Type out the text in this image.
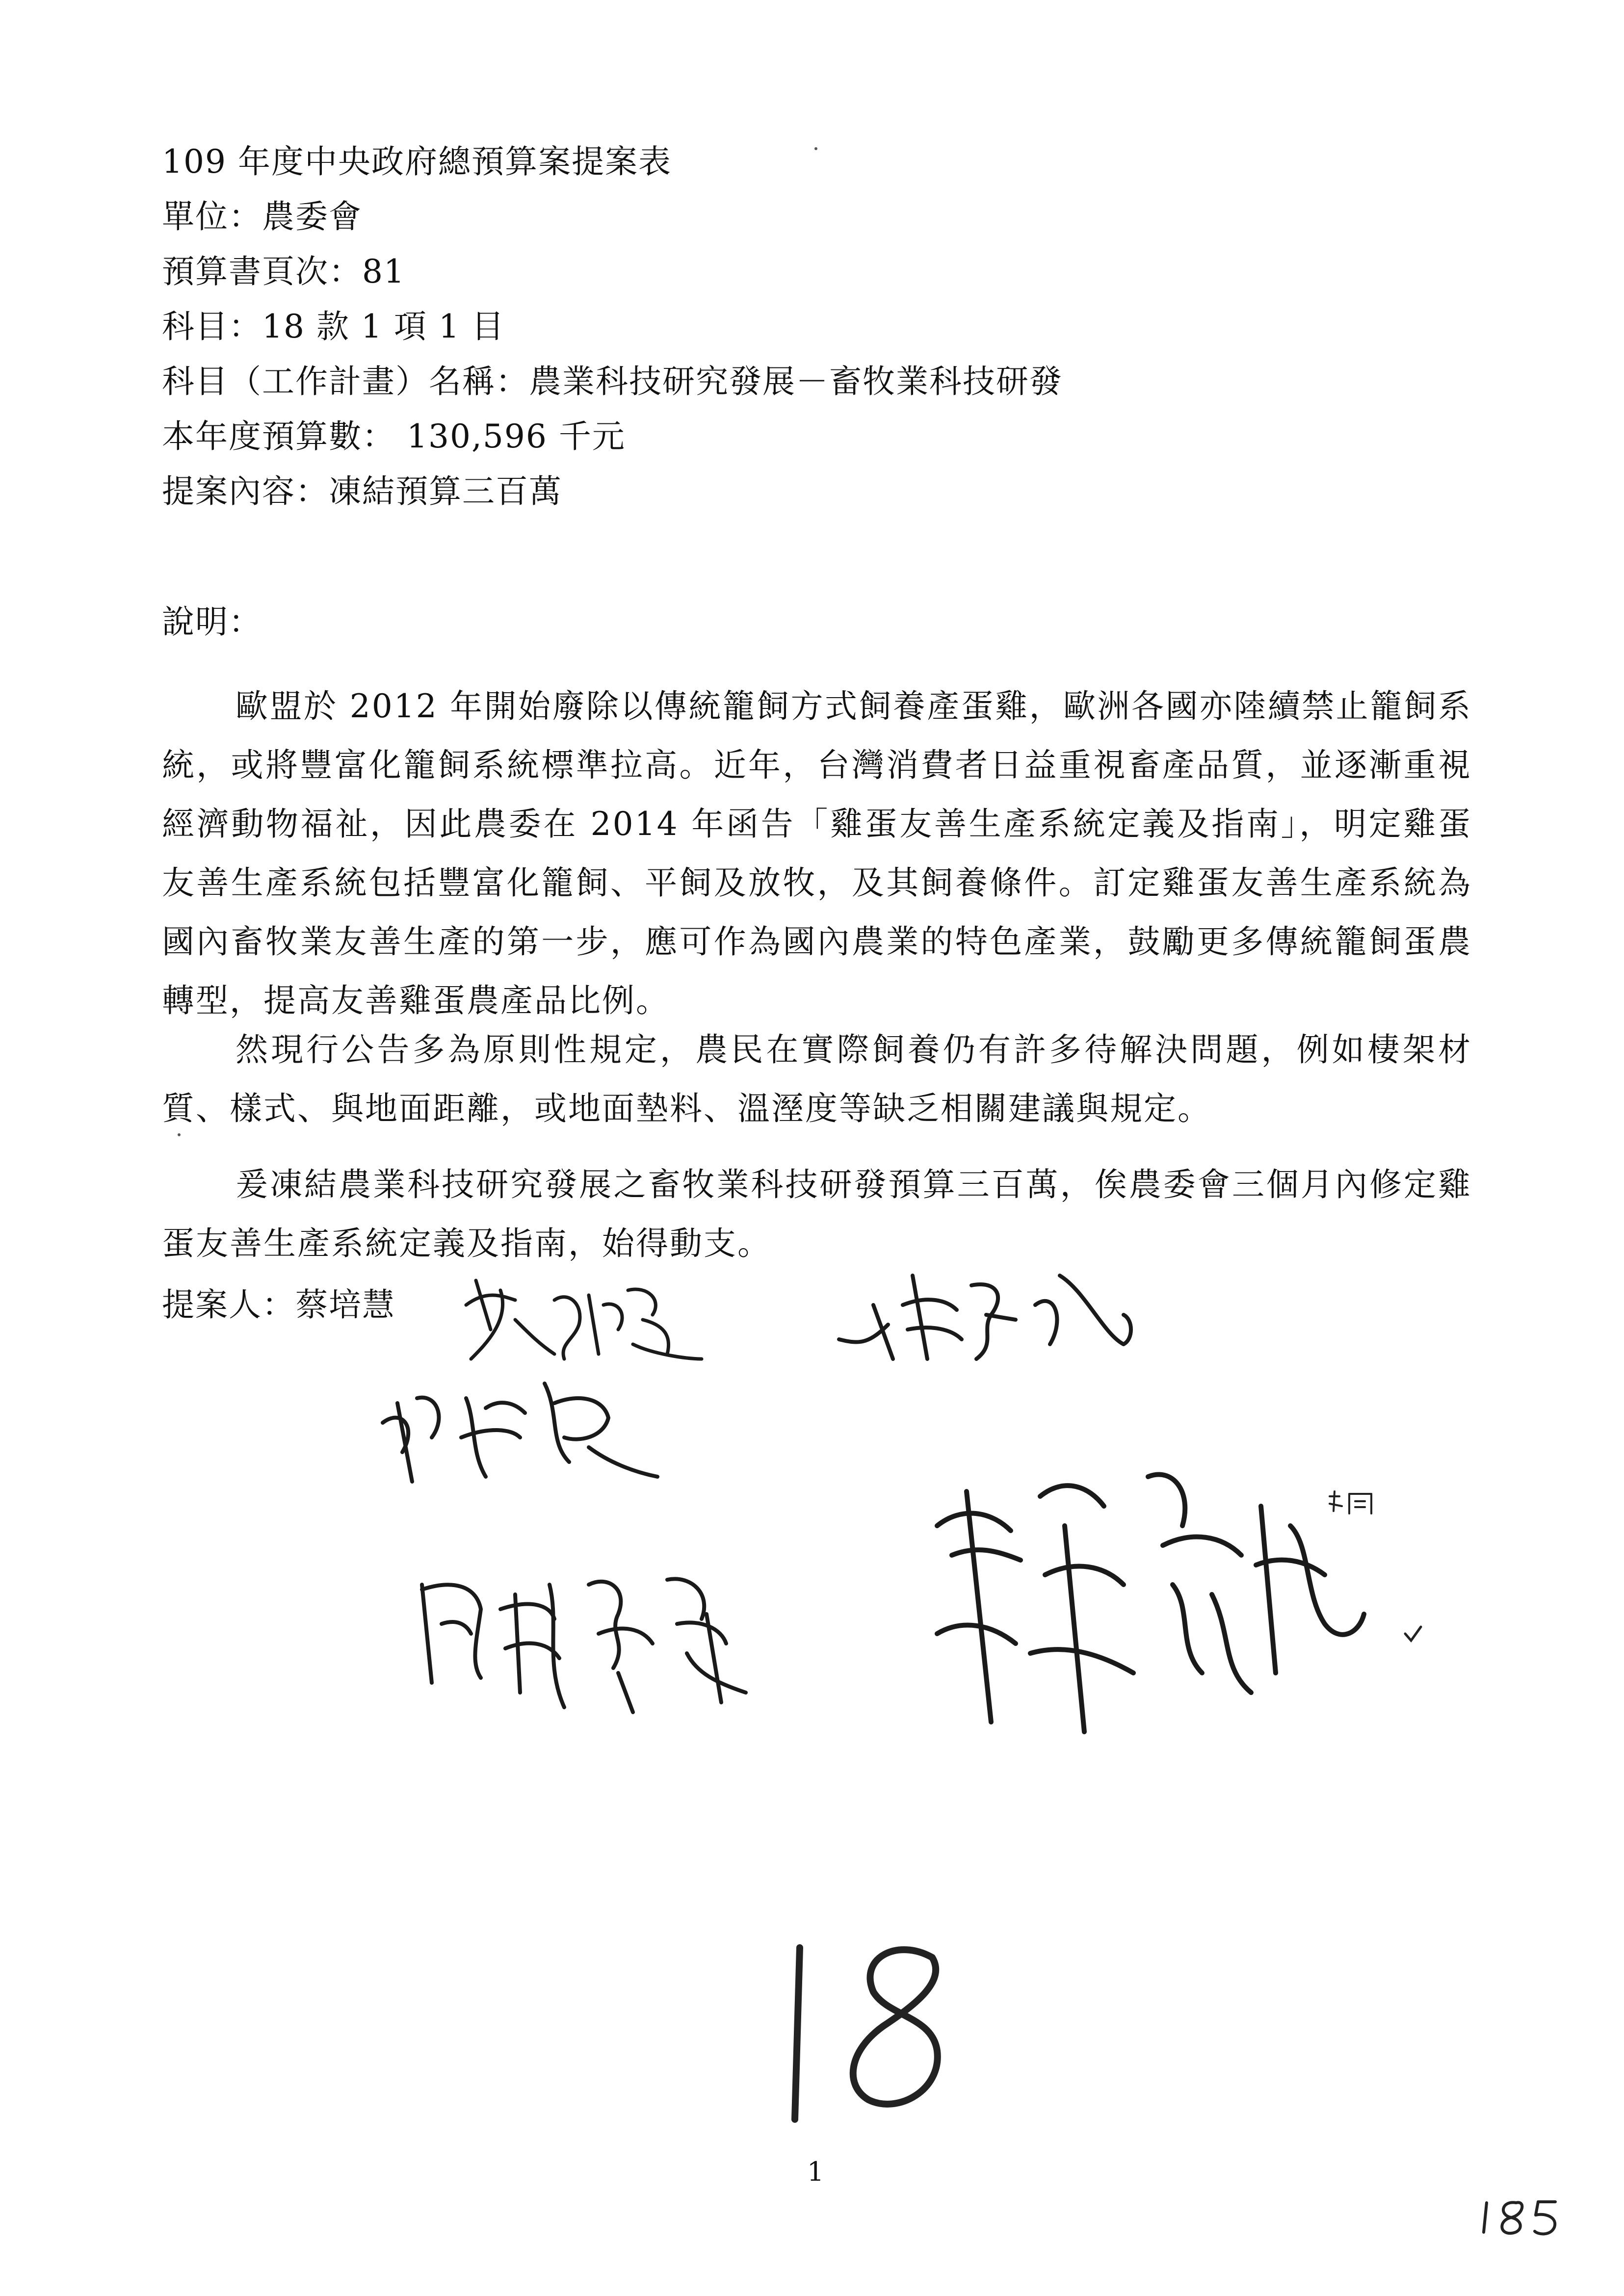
109 年度中央政府總預算案提案表
單位：農委會
預算書頁次：81
科目：18 款 1 項 1 目
科目（工作計畫）名稱：農業科技研究發展－畜牧業科技研發
本年度預算數： 130,596 千元
提案內容：凍結預算三百萬
說明：
歐盟於 2012 年開始廢除以傳統籠飼方式飼養產蛋雞，歐洲各國亦陸續禁止籠飼系統，或將豐富化籠飼系統標準拉高。近年，台灣消費者日益重視畜產品質，並逐漸重視經濟動物福祉，因此農委在 2014 年函告「雞蛋友善生產系統定義及指南」，明定雞蛋友善生產系統包括豐富化籠飼、平飼及放牧，及其飼養條件。訂定雞蛋友善生產系統為國內畜牧業友善生產的第一步，應可作為國內農業的特色產業，鼓勵更多傳統籠飼蛋農轉型，提高友善雞蛋農產品比例。
然現行公告多為原則性規定，農民在實際飼養仍有許多待解決問題，例如棲架材質、樣式、與地面距離，或地面墊料、溫溼度等缺乏相關建議與規定。
爰凍結農業科技研究發展之畜牧業科技研發預算三百萬，俟農委會三個月內修定雞蛋友善生產系統定義及指南，始得動支。
提案人：蔡培慧
1
